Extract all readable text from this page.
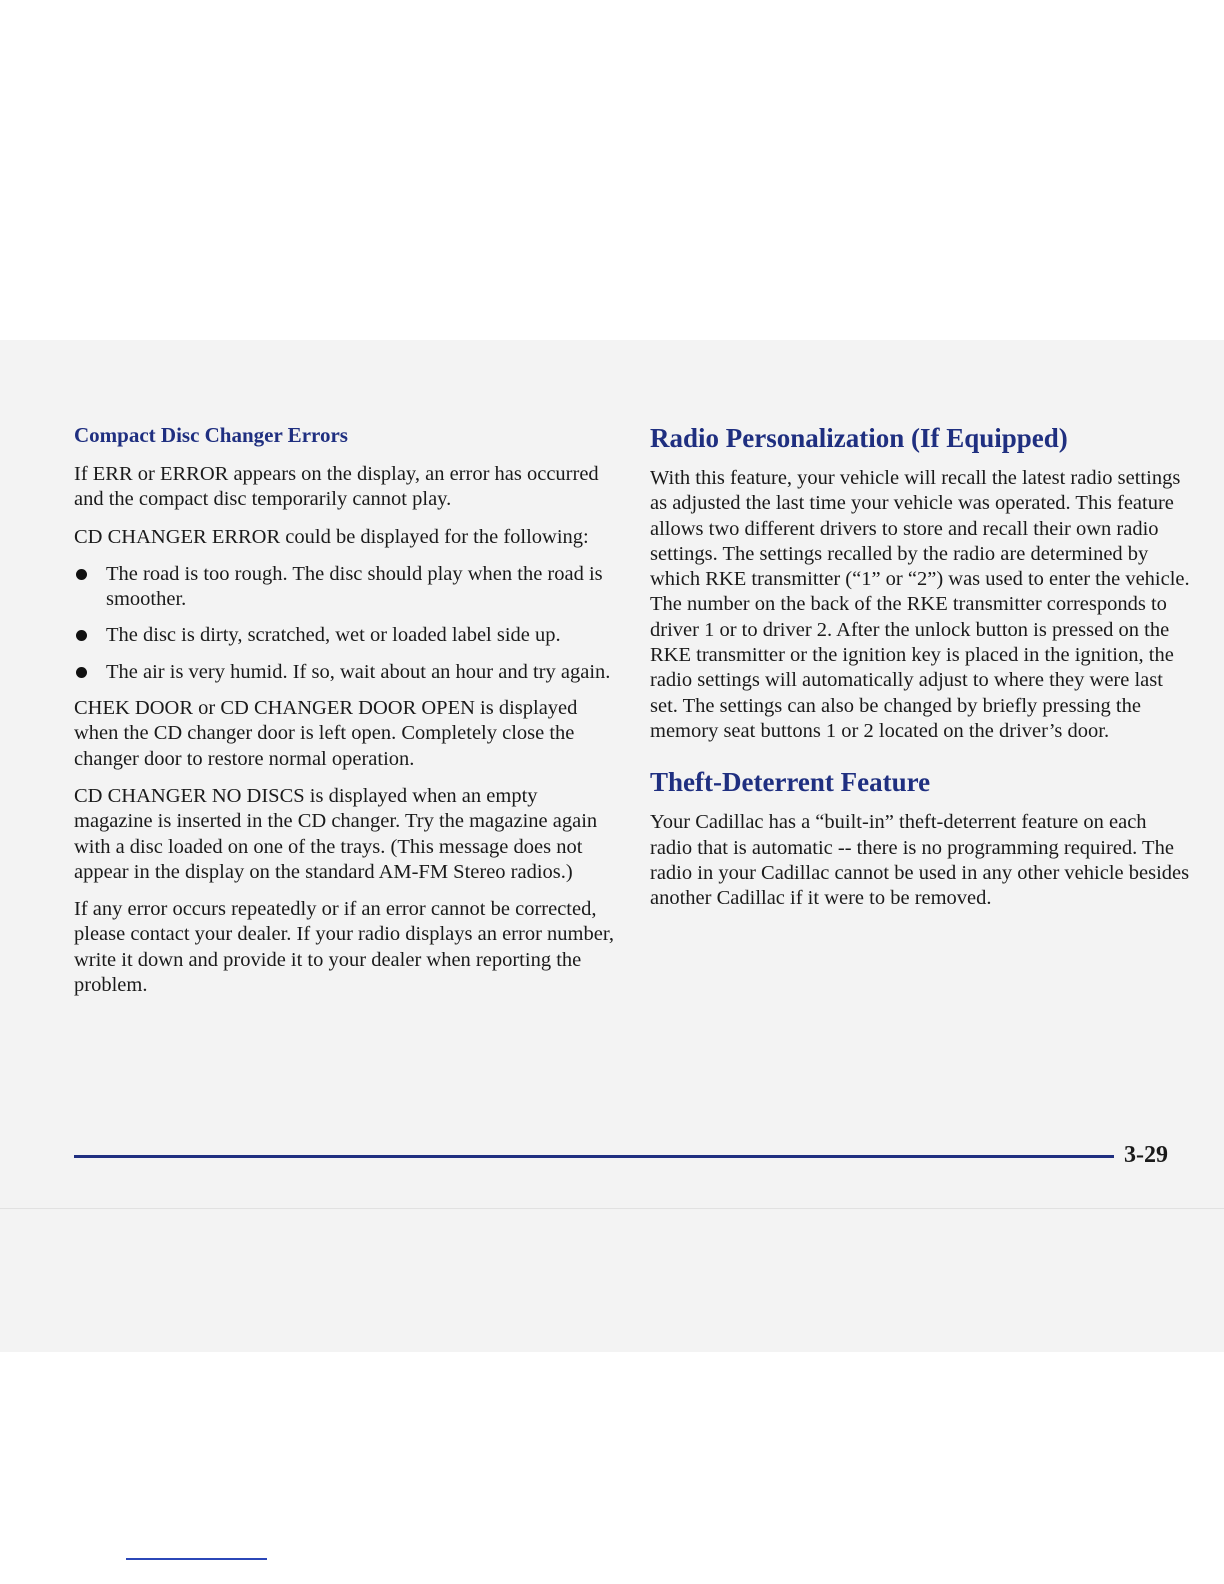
Compact Disc Changer Errors

If ERR or ERROR appears on the display, an error has occurred and the compact disc temporarily cannot play.

CD CHANGER ERROR could be displayed for the following:

The road is too rough. The disc should play when the road is smoother.
The disc is dirty, scratched, wet or loaded label side up.
The air is very humid. If so, wait about an hour and try again.

CHEK DOOR or CD CHANGER DOOR OPEN is displayed when the CD changer door is left open. Completely close the changer door to restore normal operation.

CD CHANGER NO DISCS is displayed when an empty magazine is inserted in the CD changer. Try the magazine again with a disc loaded on one of the trays. (This message does not appear in the display on the standard AM-FM Stereo radios.)

If any error occurs repeatedly or if an error cannot be corrected, please contact your dealer. If your radio displays an error number, write it down and provide it to your dealer when reporting the problem.

Radio Personalization (If Equipped)

With this feature, your vehicle will recall the latest radio settings as adjusted the last time your vehicle was operated. This feature allows two different drivers to store and recall their own radio settings. The settings recalled by the radio are determined by which RKE transmitter (“1” or “2”) was used to enter the vehicle. The number on the back of the RKE transmitter corresponds to driver 1 or to driver 2. After the unlock button is pressed on the RKE transmitter or the ignition key is placed in the ignition, the radio settings will automatically adjust to where they were last set. The settings can also be changed by briefly pressing the memory seat buttons 1 or 2 located on the driver’s door.

Theft-Deterrent Feature

Your Cadillac has a “built-in” theft-deterrent feature on each radio that is automatic -- there is no programming required. The radio in your Cadillac cannot be used in any other vehicle besides another Cadillac if it were to be removed.

3-29
